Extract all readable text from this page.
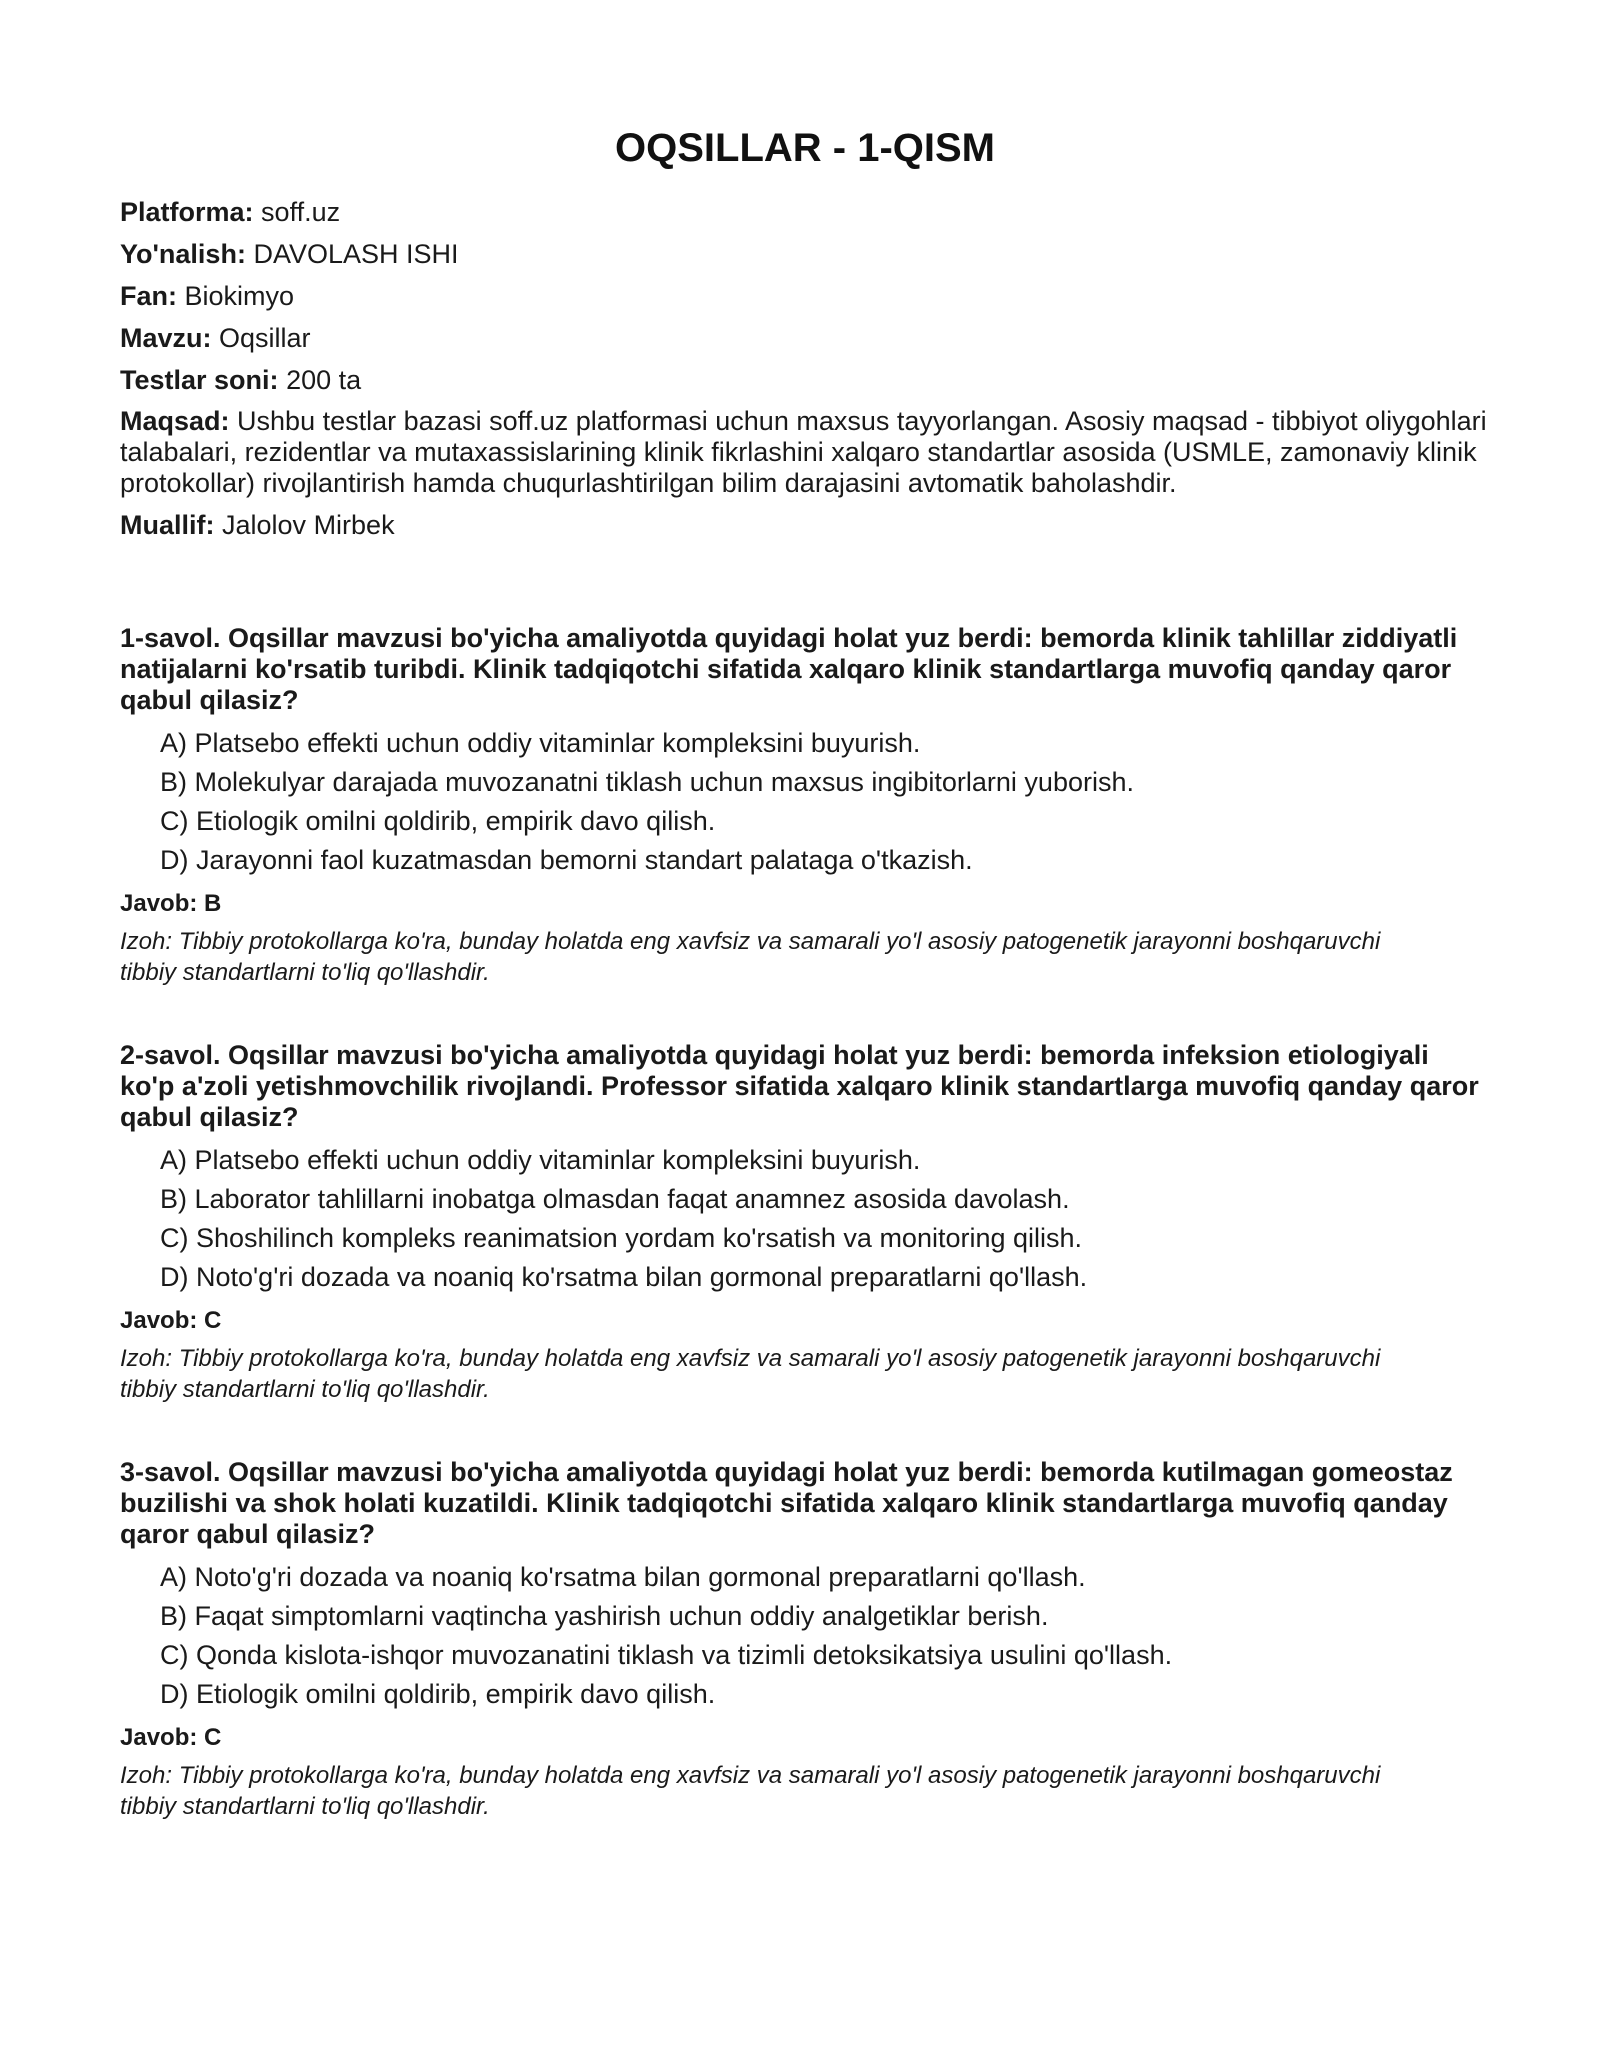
OQSILLAR - 1-QISM

Platforma: soff.uz

Yo'nalish: DAVOLASH ISHI

Fan: Biokimyo

Mavzu: Oqsillar

Testlar soni: 200 ta

Maqsad: Ushbu testlar bazasi soff.uz platformasi uchun maxsus tayyorlangan. Asosiy maqsad - tibbiyot oliygohlari talabalari, rezidentlar va mutaxassislarining klinik fikrlashini xalqaro standartlar asosida (USMLE, zamonaviy klinik protokollar) rivojlantirish hamda chuqurlashtirilgan bilim darajasini avtomatik baholashdir.

Muallif: Jalolov Mirbek

1-savol. Oqsillar mavzusi bo'yicha amaliyotda quyidagi holat yuz berdi: bemorda klinik tahlillar ziddiyatli natijalarni ko'rsatib turibdi. Klinik tadqiqotchi sifatida xalqaro klinik standartlarga muvofiq qanday qaror qabul qilasiz?

A) Platsebo effekti uchun oddiy vitaminlar kompleksini buyurish.
B) Molekulyar darajada muvozanatni tiklash uchun maxsus ingibitorlarni yuborish.
C) Etiologik omilni qoldirib, empirik davo qilish.
D) Jarayonni faol kuzatmasdan bemorni standart palataga o'tkazish.

Javob: B

Izoh: Tibbiy protokollarga ko'ra, bunday holatda eng xavfsiz va samarali yo'l asosiy patogenetik jarayonni boshqaruvchi tibbiy standartlarni to'liq qo'llashdir.

2-savol. Oqsillar mavzusi bo'yicha amaliyotda quyidagi holat yuz berdi: bemorda infeksion etiologiyali ko'p a'zoli yetishmovchilik rivojlandi. Professor sifatida xalqaro klinik standartlarga muvofiq qanday qaror qabul qilasiz?

A) Platsebo effekti uchun oddiy vitaminlar kompleksini buyurish.
B) Laborator tahlillarni inobatga olmasdan faqat anamnez asosida davolash.
C) Shoshilinch kompleks reanimatsion yordam ko'rsatish va monitoring qilish.
D) Noto'g'ri dozada va noaniq ko'rsatma bilan gormonal preparatlarni qo'llash.

Javob: C

Izoh: Tibbiy protokollarga ko'ra, bunday holatda eng xavfsiz va samarali yo'l asosiy patogenetik jarayonni boshqaruvchi tibbiy standartlarni to'liq qo'llashdir.

3-savol. Oqsillar mavzusi bo'yicha amaliyotda quyidagi holat yuz berdi: bemorda kutilmagan gomeostaz buzilishi va shok holati kuzatildi. Klinik tadqiqotchi sifatida xalqaro klinik standartlarga muvofiq qanday qaror qabul qilasiz?

A) Noto'g'ri dozada va noaniq ko'rsatma bilan gormonal preparatlarni qo'llash.
B) Faqat simptomlarni vaqtincha yashirish uchun oddiy analgetiklar berish.
C) Qonda kislota-ishqor muvozanatini tiklash va tizimli detoksikatsiya usulini qo'llash.
D) Etiologik omilni qoldirib, empirik davo qilish.

Javob: C

Izoh: Tibbiy protokollarga ko'ra, bunday holatda eng xavfsiz va samarali yo'l asosiy patogenetik jarayonni boshqaruvchi tibbiy standartlarni to'liq qo'llashdir.
